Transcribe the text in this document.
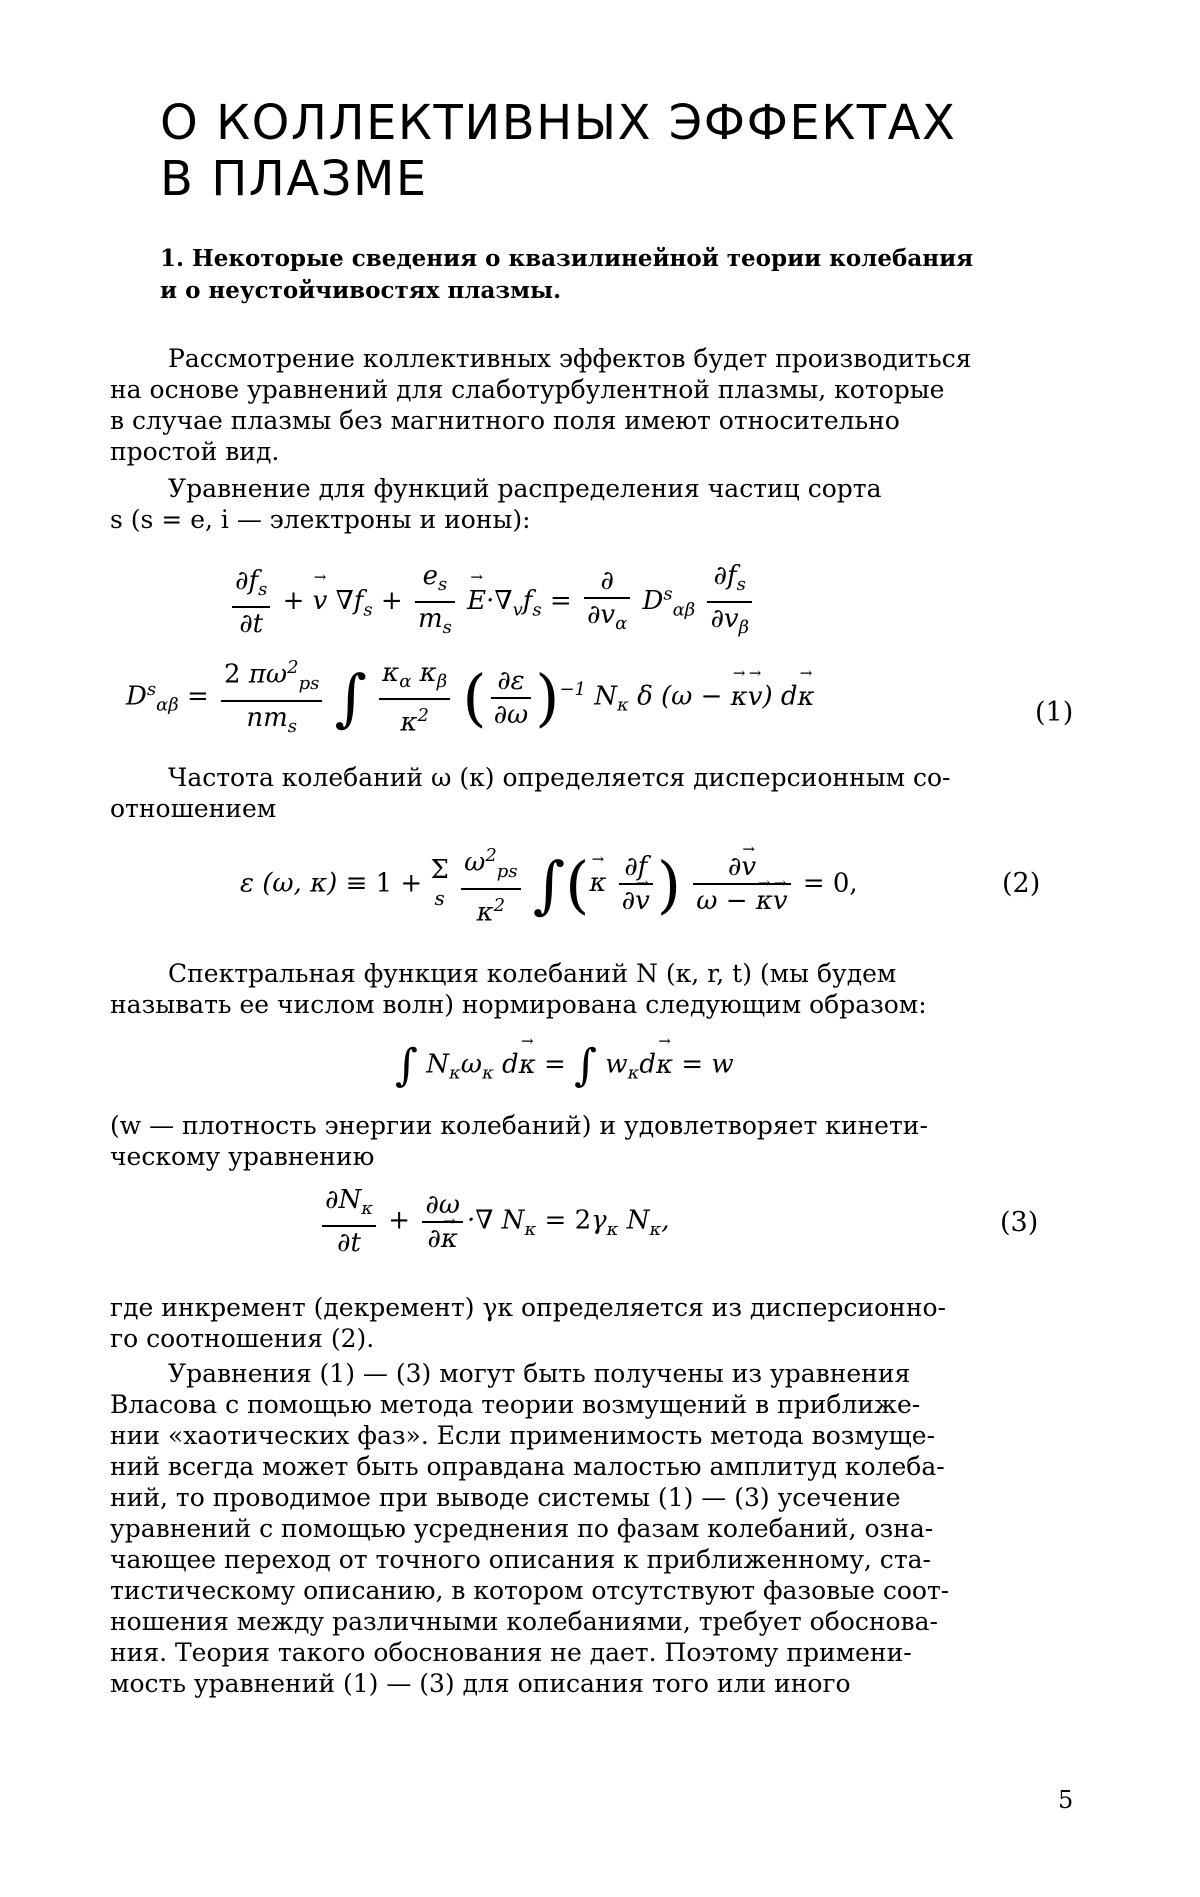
О КОЛЛЕКТИВНЫХ ЭФФЕКТАХ
В ПЛАЗМЕ
1. Некоторые сведения о квазилинейной теории колебания
и о неустойчивостях плазмы.

Рассмотрение коллективных эффектов будет производиться
на основе уравнений для слаботурбулентной плазмы, которые
в случае плазмы без магнитного поля имеют относительно
простой вид.

Уравнение для функций распределения частиц сорта
s (s = e, i — электроны и ионы):

$\frac{\partial f_s}{\partial t}$ + → v $\nabla f_s + \frac{e_s}{m_s}$
→ $E\cdot\nabla_vf_s = \frac{\partial}{\partial v_\alpha} D^s_{\alpha\beta} \frac{\partial f_s}{\partial v_\beta}$
$D^s_{\alpha\beta} = \frac{2 \pi\omega^2_{ps}}{nm_s}$ ∫ $\frac{\kappa_\alpha \kappa_\beta}{\kappa^2}$ ( $\frac{\partial\varepsilon}{\partial\omega} )^{-1}$ $N_\kappa$ δ (ω − → κ→ v) d→ κ
(1)

Частота колебаний ω (κ) определяется дисперсионным со-
отношением

ε (ω, κ) ≡ 1 + Σ
s
$\frac{\omega^2_{ps}}{\kappa^2}$ ∫(→ κ $\frac{\partial f}{\partial\to v}$ ) $\frac{\partial\to v}{\omega - \to \kappa\to v} = 0$,	(2)

Спектральная функция колебаний N (κ, r, t) (мы будем
называть ее числом волн) нормирована следующим образом:

∫ $N_\kappa\omega_\kappa$ d→ κ = ∫ $w_\kappa d\to \kappa = w$

(w — плотность энергии колебаний) и удовлетворяет кинети-
ческому уравнению

$\frac{\partial N_\kappa}{\partial t} + \frac{\partial\omega}{\partial\to \kappa}$ ·∇ $N_\kappa = 2\gamma_\kappa$ $N_\kappa$,	(3)

где инкремент (декремент) γκ определяется из дисперсионно-
го соотношения (2).

Уравнения (1) — (3) могут быть получены из уравнения
Власова с помощью метода теории возмущений в приближе-
нии «хаотических фаз». Если применимость метода возмуще-
ний всегда может быть оправдана малостью амплитуд колеба-
ний, то проводимое при выводе системы (1) — (3) усечение
уравнений с помощью усреднения по фазам колебаний, озна-
чающее переход от точного описания к приближенному, ста-
тистическому описанию, в котором отсутствуют фазовые соот-
ношения между различными колебаниями, требует обоснова-
ния. Теория такого обоснования не дает. Поэтому примени-
мость уравнений (1) — (3) для описания того или иного

5
